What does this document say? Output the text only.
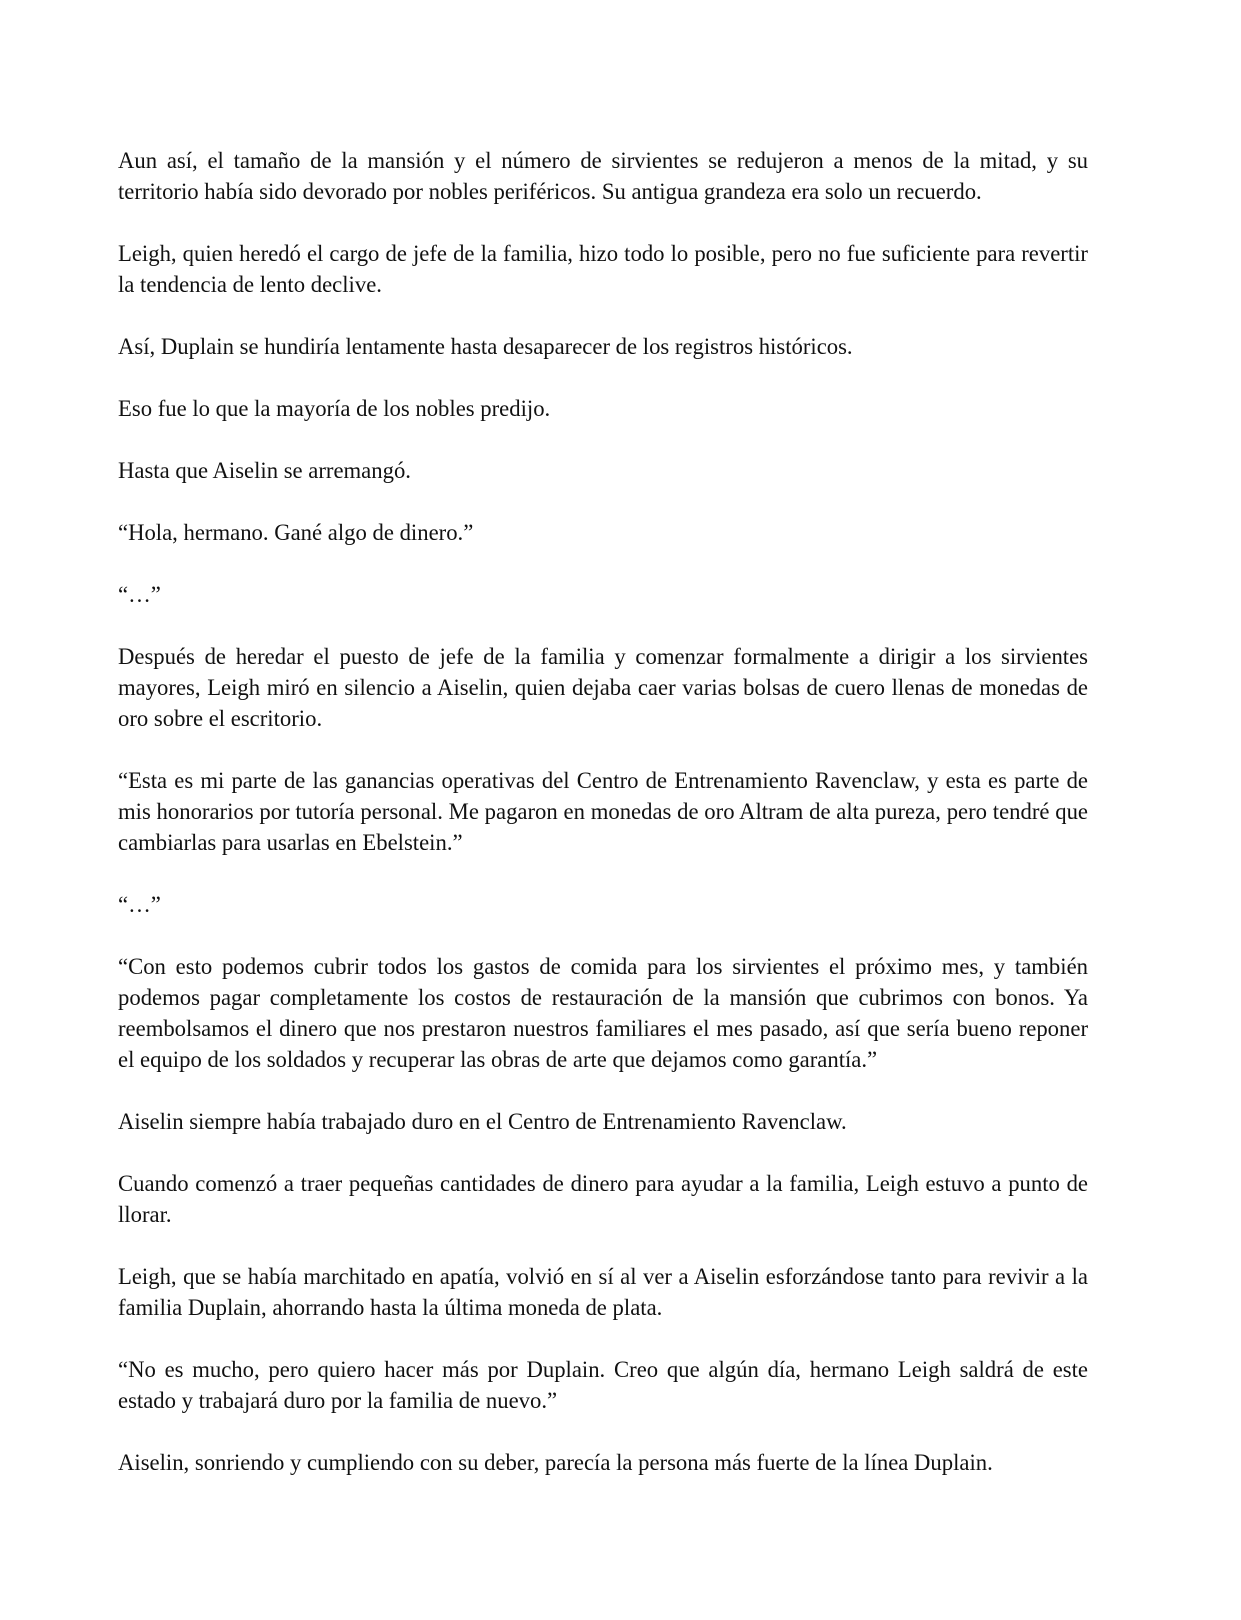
Aun así, el tamaño de la mansión y el número de sirvientes se redujeron a menos de la mitad, y su territorio había sido devorado por nobles periféricos. Su antigua grandeza era solo un recuerdo.

Leigh, quien heredó el cargo de jefe de la familia, hizo todo lo posible, pero no fue suficiente para revertir la tendencia de lento declive.

Así, Duplain se hundiría lentamente hasta desaparecer de los registros históricos.

Eso fue lo que la mayoría de los nobles predijo.

Hasta que Aiselin se arremangó.

“Hola, hermano. Gané algo de dinero.”

“…”

Después de heredar el puesto de jefe de la familia y comenzar formalmente a dirigir a los sirvientes mayores, Leigh miró en silencio a Aiselin, quien dejaba caer varias bolsas de cuero llenas de monedas de oro sobre el escritorio.

“Esta es mi parte de las ganancias operativas del Centro de Entrenamiento Ravenclaw, y esta es parte de mis honorarios por tutoría personal. Me pagaron en monedas de oro Altram de alta pureza, pero tendré que cambiarlas para usarlas en Ebelstein.”

“…”

“Con esto podemos cubrir todos los gastos de comida para los sirvientes el próximo mes, y también podemos pagar completamente los costos de restauración de la mansión que cubrimos con bonos. Ya reembolsamos el dinero que nos prestaron nuestros familiares el mes pasado, así que sería bueno reponer el equipo de los soldados y recuperar las obras de arte que dejamos como garantía.”

Aiselin siempre había trabajado duro en el Centro de Entrenamiento Ravenclaw.

Cuando comenzó a traer pequeñas cantidades de dinero para ayudar a la familia, Leigh estuvo a punto de llorar.

Leigh, que se había marchitado en apatía, volvió en sí al ver a Aiselin esforzándose tanto para revivir a la familia Duplain, ahorrando hasta la última moneda de plata.

“No es mucho, pero quiero hacer más por Duplain. Creo que algún día, hermano Leigh saldrá de este estado y trabajará duro por la familia de nuevo.”

Aiselin, sonriendo y cumpliendo con su deber, parecía la persona más fuerte de la línea Duplain.
